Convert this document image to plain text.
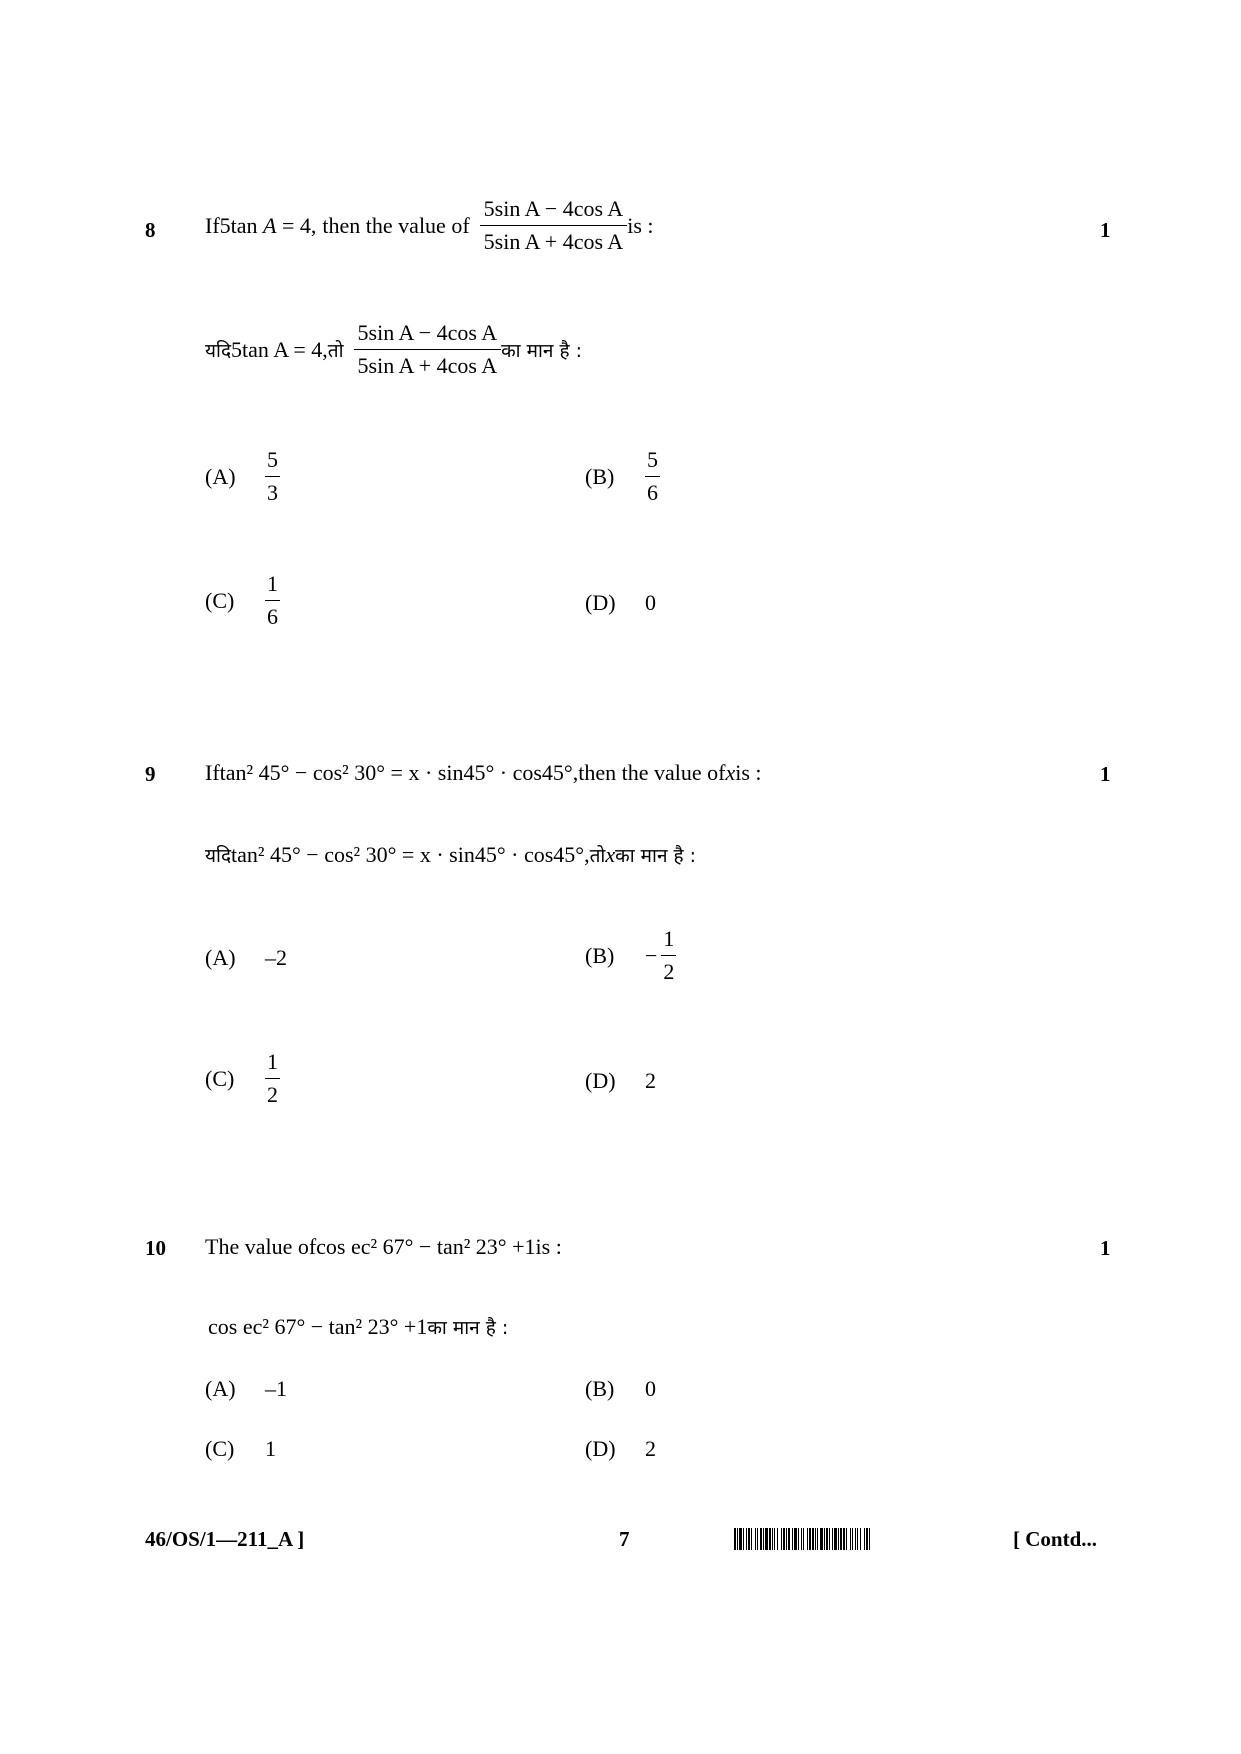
8	1
If 5tan A = 4, then the value of $\frac{\text{5sin A − 4cos A}}{\text{5sin A + 4cos A}}$ is :
यदि 5tan A = 4, तो $\frac{\text{5sin A − 4cos A}}{\text{5sin A + 4cos A}}$ का मान है :
(A)	$\frac{5}{3}$	(B)	$\frac{5}{6}$
(C)	$\frac{1}{6}$	(D)	0
9	1
If tan² 45° − cos² 30° = x · sin45° · cos45°, then the value of x is :
यदि tan² 45° − cos² 30° = x · sin45° · cos45°, तो x का मान है :
(A)	–2	(B)	− $\frac{1}{2}$
(C)	$\frac{1}{2}$	(D)	2
10	1
The value of cos ec² 67° − tan² 23° +1 is :
cos ec² 67° − tan² 23° +1 का मान है :
(A)	–1	(B)	0
(C)	1	(D)	2
46/OS/1—211_A ]	7	[ Contd...
